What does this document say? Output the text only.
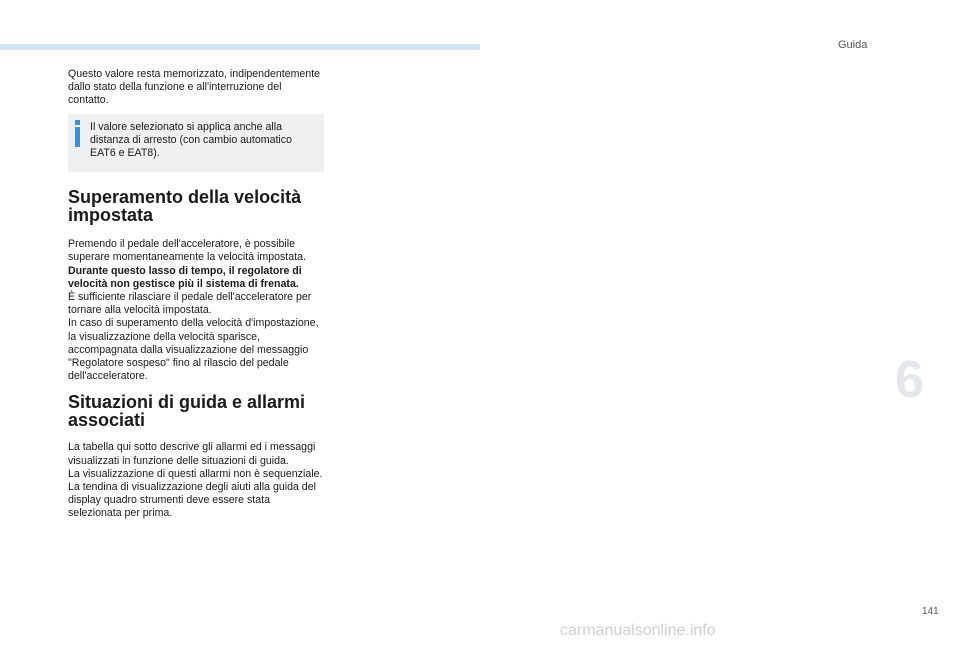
Guida
6
141

Questo valore resta memorizzato, indipendentemente dallo stato della funzione e all'interruzione del contatto.

Il valore selezionato si applica anche alla distanza di arresto (con cambio automatico EAT6 e EAT8).

Superamento della velocità impostata

Premendo il pedale dell'acceleratore, è possibile superare momentaneamente la velocità impostata.

Durante questo lasso di tempo, il regolatore di velocità non gestisce più il sistema di frenata.

È sufficiente rilasciare il pedale dell'acceleratore per tornare alla velocità impostata.

In caso di superamento della velocità d'impostazione, la visualizzazione della velocità sparisce, accompagnata dalla visualizzazione del messaggio "Regolatore sospeso" fino al rilascio del pedale dell'acceleratore.

Situazioni di guida e allarmi associati

La tabella qui sotto descrive gli allarmi ed i messaggi visualizzati in funzione delle situazioni di guida.

La visualizzazione di questi allarmi non è sequenziale.

La tendina di visualizzazione degli aiuti alla guida del display quadro strumenti deve essere stata selezionata per prima.

carmanualsonline.info
